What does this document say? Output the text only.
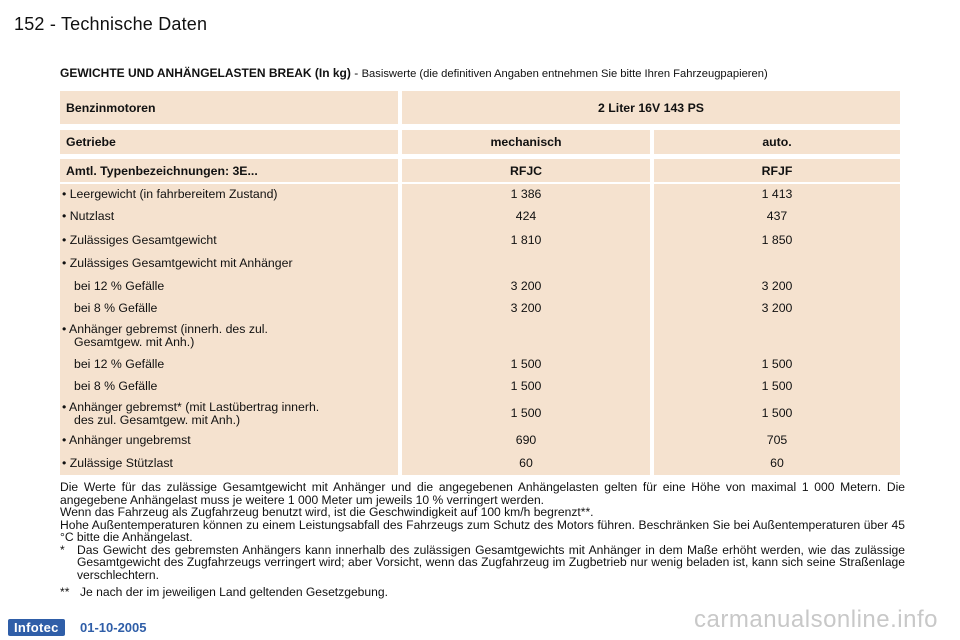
152 - Technische Daten
GEWICHTE UND ANHÄNGELASTEN BREAK (In kg) - Basiswerte (die definitiven Angaben entnehmen Sie bitte Ihren Fahrzeugpapieren)
Benzinmotoren	2 Liter 16V 143 PS
Getriebe	mechanisch	auto.
Amtl. Typenbezeichnungen: 3E...	RFJC	RFJF
• Leergewicht (in fahrbereitem Zustand)	1 386	1 413
• Nutzlast	424	437
• Zulässiges Gesamtgewicht	1 810	1 850
• Zulässiges Gesamtgewicht mit Anhänger
bei 12 % Gefälle	3 200	3 200
bei 8 % Gefälle	3 200	3 200
• Anhänger gebremst (innerh. des zul.
Gesamtgew. mit Anh.)
bei 12 % Gefälle	1 500	1 500
bei 8 % Gefälle	1 500	1 500
• Anhänger gebremst* (mit Lastübertrag innerh.
des zul. Gesamtgew. mit Anh.)	1 500	1 500
• Anhänger ungebremst	690	705
• Zulässige Stützlast	60	60

Die Werte für das zulässige Gesamtgewicht mit Anhänger und die angegebenen Anhängelasten gelten für eine Höhe von maximal 1 000 Metern. Die angegebene Anhängelast muss je weitere 1 000 Meter um jeweils 10 % verringert werden.

Wenn das Fahrzeug als Zugfahrzeug benutzt wird, ist die Geschwindigkeit auf 100 km/h begrenzt**.

Hohe Außentemperaturen können zu einem Leistungsabfall des Fahrzeugs zum Schutz des Motors führen. Beschränken Sie bei Außentemperaturen über 45 °C bitte die Anhängelast.

*	Das Gewicht des gebremsten Anhängers kann innerhalb des zulässigen Gesamtgewichts mit Anhänger in dem Maße erhöht werden, wie das zulässige Gesamtgewicht des Zugfahrzeugs verringert wird; aber Vorsicht, wenn das Zugfahrzeug im Zugbetrieb nur wenig beladen ist, kann sich seine Straßenlage verschlechtern.

** Je nach der im jeweiligen Land geltenden Gesetzgebung.

Infotec	01-10-2005	carmanualsonline.info
